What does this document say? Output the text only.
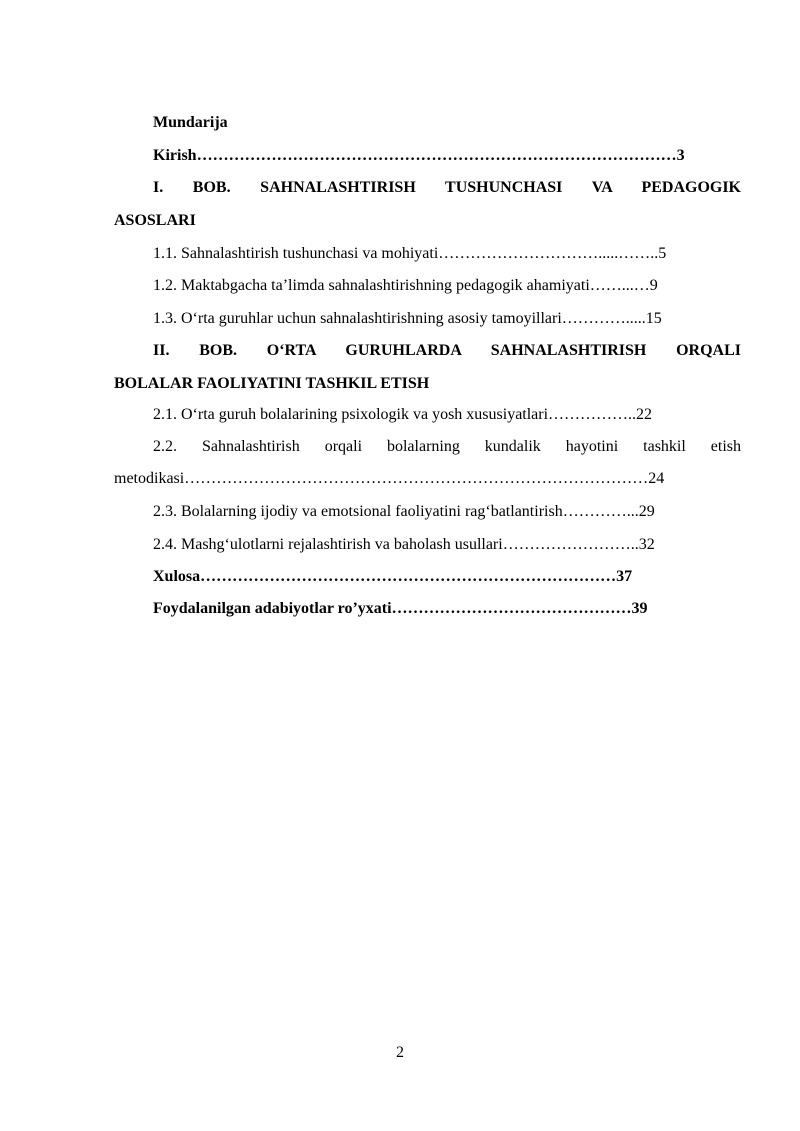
Mundarija
Kirish………………………………………………………………………………3
I. BOB. SAHNALASHTIRISH TUSHUNCHASI VA PEDAGOGIK
ASOSLARI
1.1. Sahnalashtirish tushunchasi va mohiyati………………………….....……..5
1.2. Maktabgacha ta’limda sahnalashtirishning pedagogik ahamiyati……...…9
1.3. O‘rta guruhlar uchun sahnalashtirishning asosiy tamoyillari………….....15
II. BOB. O‘RTA GURUHLARDA SAHNALASHTIRISH ORQALI
BOLALAR FAOLIYATINI TASHKIL ETISH
2.1. O‘rta guruh bolalarining psixologik va yosh xususiyatlari……………..22
2.2. Sahnalashtirish orqali bolalarning kundalik hayotini tashkil etish
metodikasi……………………………………………………………………………24
2.3. Bolalarning ijodiy va emotsional faoliyatini rag‘batlantirish…………...29
2.4. Mashg‘ulotlarni rejalashtirish va baholash usullari……………………..32
Xulosa……………………………………………………………………37
Foydalanilgan adabiyotlar ro’yxati………………………………………39
2
